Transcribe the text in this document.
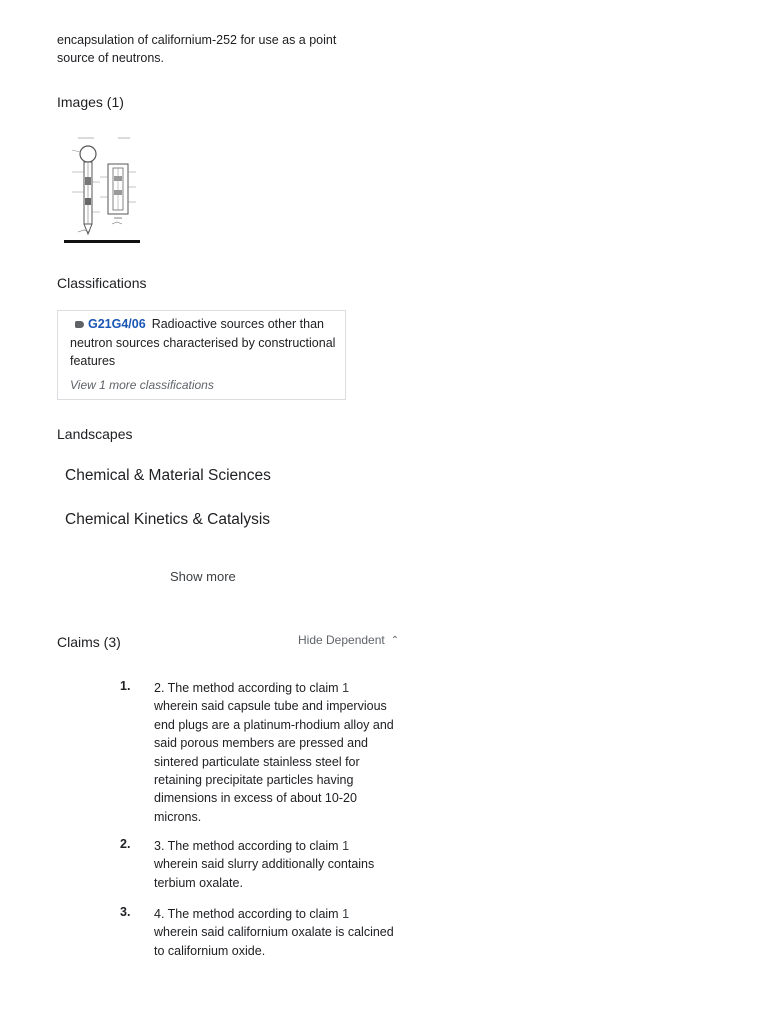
encapsulation of californium-252 for use as a point source of neutrons.
Images (1)
Classifications
G21G4/06 Radioactive sources other than neutron sources characterised by constructional features
View 1 more classifications
Landscapes
Chemical & Material Sciences
Chemical Kinetics & Catalysis
Show more
Claims (3)	Hide Dependent ⌃
1. 2. The method according to claim 1 wherein said capsule tube and impervious end plugs are a platinum-rhodium alloy and said porous members are pressed and sintered particulate stainless steel for retaining precipitate particles having dimensions in excess of about 10-20 microns.
2. 3. The method according to claim 1 wherein said slurry additionally contains terbium oxalate.
3. 4. The method according to claim 1 wherein said californium oxalate is calcined to californium oxide.
